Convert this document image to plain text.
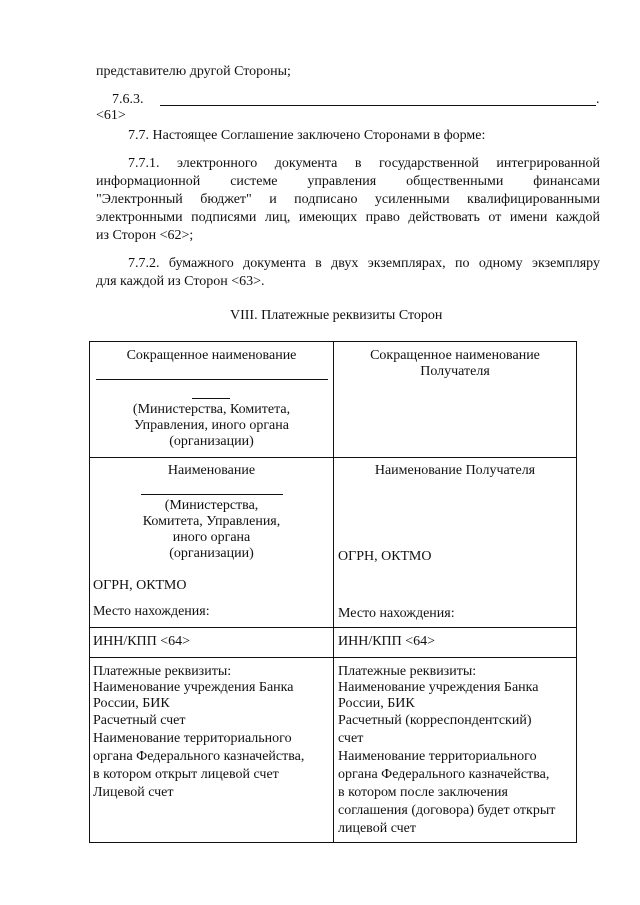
представителю другой Стороны;
7.6.3.	.
<61>
7.7. Настоящее Соглашение заключено Сторонами в форме:
7.7.1. электронного документа в государственной интегрированной
информационной системе управления общественными финансами
"Электронный бюджет" и подписано усиленными квалифицированными
электронными подписями лиц, имеющих право действовать от имени каждой
из Сторон <62>;
7.7.2. бумажного документа в двух экземплярах, по одному экземпляру
для каждой из Сторон <63>.
VIII. Платежные реквизиты Сторон
Сокращенное наименование
(Министерства, Комитета,
Управления, иного органа
(организации)
Сокращенное наименование
Получателя
Наименование
(Министерства,
Комитета, Управления,
иного органа
(организации)
ОГРН, ОКТМО
Место нахождения:
Наименование Получателя
ОГРН, ОКТМО
Место нахождения:
ИНН/КПП <64>	ИНН/КПП <64>
Платежные реквизиты:
Наименование учреждения Банка
России, БИК
Расчетный счет
Наименование территориального
органа Федерального казначейства,
в котором открыт лицевой счет
Лицевой счет
Платежные реквизиты:
Наименование учреждения Банка
России, БИК
Расчетный (корреспондентский)
счет
Наименование территориального
органа Федерального казначейства,
в котором после заключения
соглашения (договора) будет открыт
лицевой счет
